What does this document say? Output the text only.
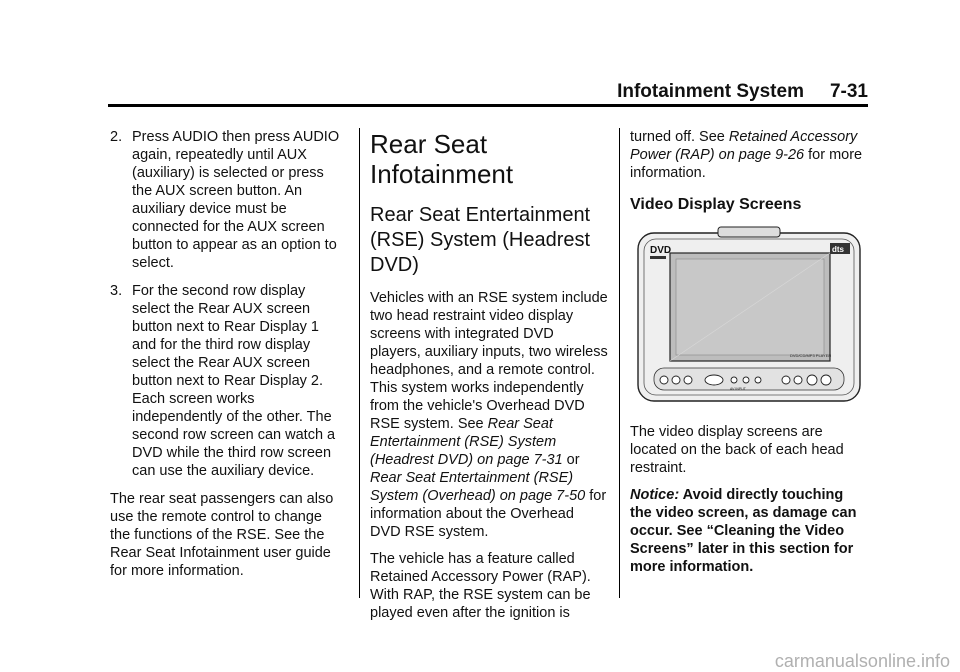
Infotainment System 7-31
2. Press AUDIO then press AUDIO again, repeatedly until AUX (auxiliary) is selected or press the AUX screen button. An auxiliary device must be connected for the AUX screen button to appear as an option to select.
3. For the second row display select the Rear AUX screen button next to Rear Display 1 and for the third row display select the Rear AUX screen button next to Rear Display 2. Each screen works independently of the other. The second row screen can watch a DVD while the third row screen can use the auxiliary device.

The rear seat passengers can also use the remote control to change the functions of the RSE. See the Rear Seat Infotainment user guide for more information.

Rear Seat Infotainment
Rear Seat Entertainment (RSE) System (Headrest DVD)

Vehicles with an RSE system include two head restraint video display screens with integrated DVD players, auxiliary inputs, two wireless headphones, and a remote control. This system works independently from the vehicle's Overhead DVD RSE system. See Rear Seat Entertainment (RSE) System (Headrest DVD) on page 7-31 or Rear Seat Entertainment (RSE) System (Overhead) on page 7-50 for information about the Overhead DVD RSE system.

The vehicle has a feature called Retained Accessory Power (RAP). With RAP, the RSE system can be played even after the ignition is

turned off. See Retained Accessory Power (RAP) on page 9-26 for more information.

Video Display Screens
DVD	dts
DVD/CD/MP3 PLAYER
AV INPUT

The video display screens are located on the back of each head restraint.

Notice: Avoid directly touching the video screen, as damage can occur. See “Cleaning the Video Screens” later in this section for more information.

carmanualsonline.info
